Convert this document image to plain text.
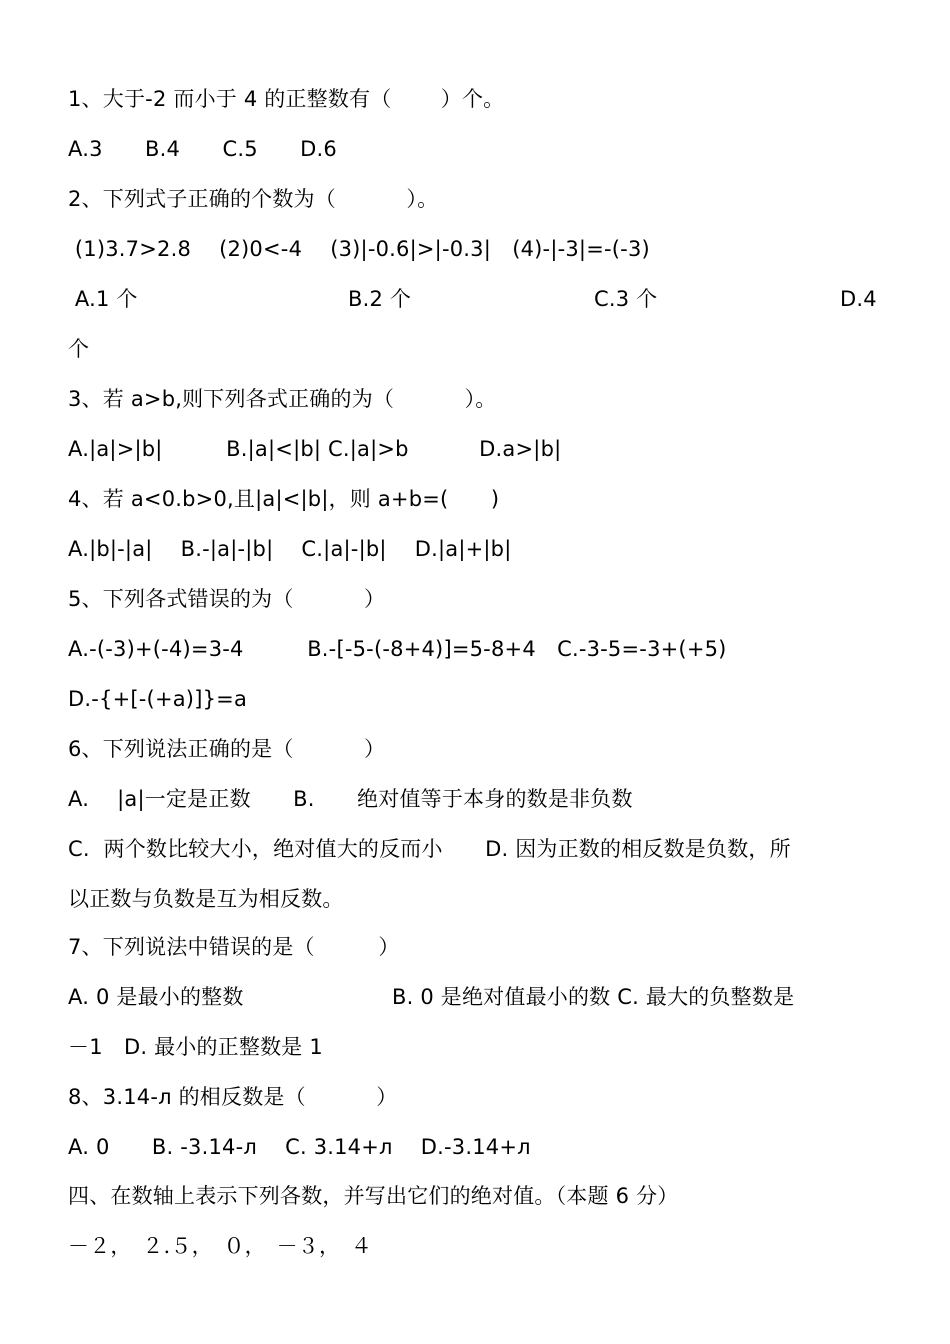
1、大于-2 而小于 4 的正整数有（　　 ）个。
A.3　　B.4　　C.5　　D.6
2、下列式子正确的个数为（　　　 ）。
(1)3.7>2.8　 (2)0<-4　 (3)|-0.6|>|-0.3|　(4)-|-3|=-(-3)
A.1 个	B.2 个	C.3 个	D.4
个
3、若 a>b,则下列各式正确的为（　　　 ）。
A.|a|>|b|　　　B.|a|<|b| C.|a|>b　　　 D.a>|b|
4、若 a<0.b>0,且|a|<|b|，则 a+b=(　　)
A.|b|-|a|　 B.-|a|-|b|　 C.|a|-|b|　 D.|a|+|b|
5、下列各式错误的为（　　　 ）
A.-(-3)+(-4)=3-4　　　B.-[-5-(-8+4)]=5-8+4　C.-3-5=-3+(+5)
D.-{+[-(+a)]}=a
6、下列说法正确的是（　　　 ）
A.　 |a|一定是正数　　B.　　绝对值等于本身的数是非负数
C.  两个数比较大小，绝对值大的反而小　　D. 因为正数的相反数是负数，所
以正数与负数是互为相反数。
7、下列说法中错误的是（　　　）
A. 0 是最小的整数　　　　　　　B. 0 是绝对值最小的数 C. 最大的负整数是
－1　D. 最小的正整数是 1
8、3.14-л 的相反数是（　　　 ）
A. 0　　B. -3.14-л　 C. 3.14+л　 D.-3.14+л
四、在数轴上表示下列各数，并写出它们的绝对值。（本题 6 分）
－２，　２.５，　０，　－３，　４
